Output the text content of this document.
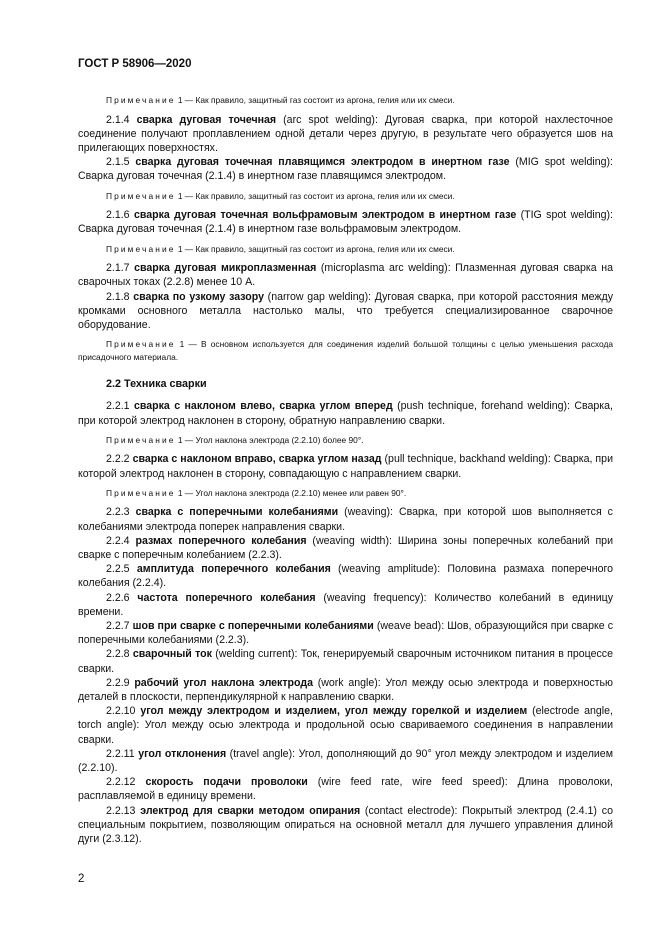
ГОСТ Р 58906—2020

Примечание 1 — Как правило, защитный газ состоит из аргона, гелия или их смеси.

2.1.4 сварка дуговая точечная (arc spot welding): Дуговая сварка, при которой нахлесточное соединение получают проплавлением одной детали через другую, в результате чего образуется шов на прилегающих поверхностях.

2.1.5 сварка дуговая точечная плавящимся электродом в инертном газе (MIG spot welding): Сварка дуговая точечная (2.1.4) в инертном газе плавящимся электродом.

Примечание 1 — Как правило, защитный газ состоит из аргона, гелия или их смеси.

2.1.6 сварка дуговая точечная вольфрамовым электродом в инертном газе (TIG spot welding): Сварка дуговая точечная (2.1.4) в инертном газе вольфрамовым электродом.

Примечание 1 — Как правило, защитный газ состоит из аргона, гелия или их смеси.

2.1.7 сварка дуговая микроплазменная (microplasma arc welding): Плазменная дуговая сварка на сварочных токах (2.2.8) менее 10 А.

2.1.8 сварка по узкому зазору (narrow gap welding): Дуговая сварка, при которой расстояния между кромками основного металла настолько малы, что требуется специализированное сварочное оборудование.

Примечание 1 — В основном используется для соединения изделий большой толщины с целью уменьшения расхода присадочного материала.

2.2 Техника сварки

2.2.1 сварка с наклоном влево, сварка углом вперед (push technique, forehand welding): Сварка, при которой электрод наклонен в сторону, обратную направлению сварки.

Примечание 1 — Угол наклона электрода (2.2.10) более 90°.

2.2.2 сварка с наклоном вправо, сварка углом назад (pull technique, backhand welding): Сварка, при которой электрод наклонен в сторону, совпадающую с направлением сварки.

Примечание 1 — Угол наклона электрода (2.2.10) менее или равен 90°.

2.2.3 сварка с поперечными колебаниями (weaving): Сварка, при которой шов выполняется с колебаниями электрода поперек направления сварки.

2.2.4 размах поперечного колебания (weaving width): Ширина зоны поперечных колебаний при сварке с поперечным колебанием (2.2.3).

2.2.5 амплитуда поперечного колебания (weaving amplitude): Половина размаха поперечного колебания (2.2.4).

2.2.6 частота поперечного колебания (weaving frequency): Количество колебаний в единицу времени.

2.2.7 шов при сварке с поперечными колебаниями (weave bead): Шов, образующийся при сварке с поперечными колебаниями (2.2.3).

2.2.8 сварочный ток (welding current): Ток, генерируемый сварочным источником питания в процессе сварки.

2.2.9 рабочий угол наклона электрода (work angle): Угол между осью электрода и поверхностью деталей в плоскости, перпендикулярной к направлению сварки.

2.2.10 угол между электродом и изделием, угол между горелкой и изделием (electrode angle, torch angle): Угол между осью электрода и продольной осью свариваемого соединения в направлении сварки.

2.2.11 угол отклонения (travel angle): Угол, дополняющий до 90° угол между электродом и изделием (2.2.10).

2.2.12 скорость подачи проволоки (wire feed rate, wire feed speed): Длина проволоки, расплавляемой в единицу времени.

2.2.13 электрод для сварки методом опирания (contact electrode): Покрытый электрод (2.4.1) со специальным покрытием, позволяющим опираться на основной металл для лучшего управления длиной дуги (2.3.12).

2
